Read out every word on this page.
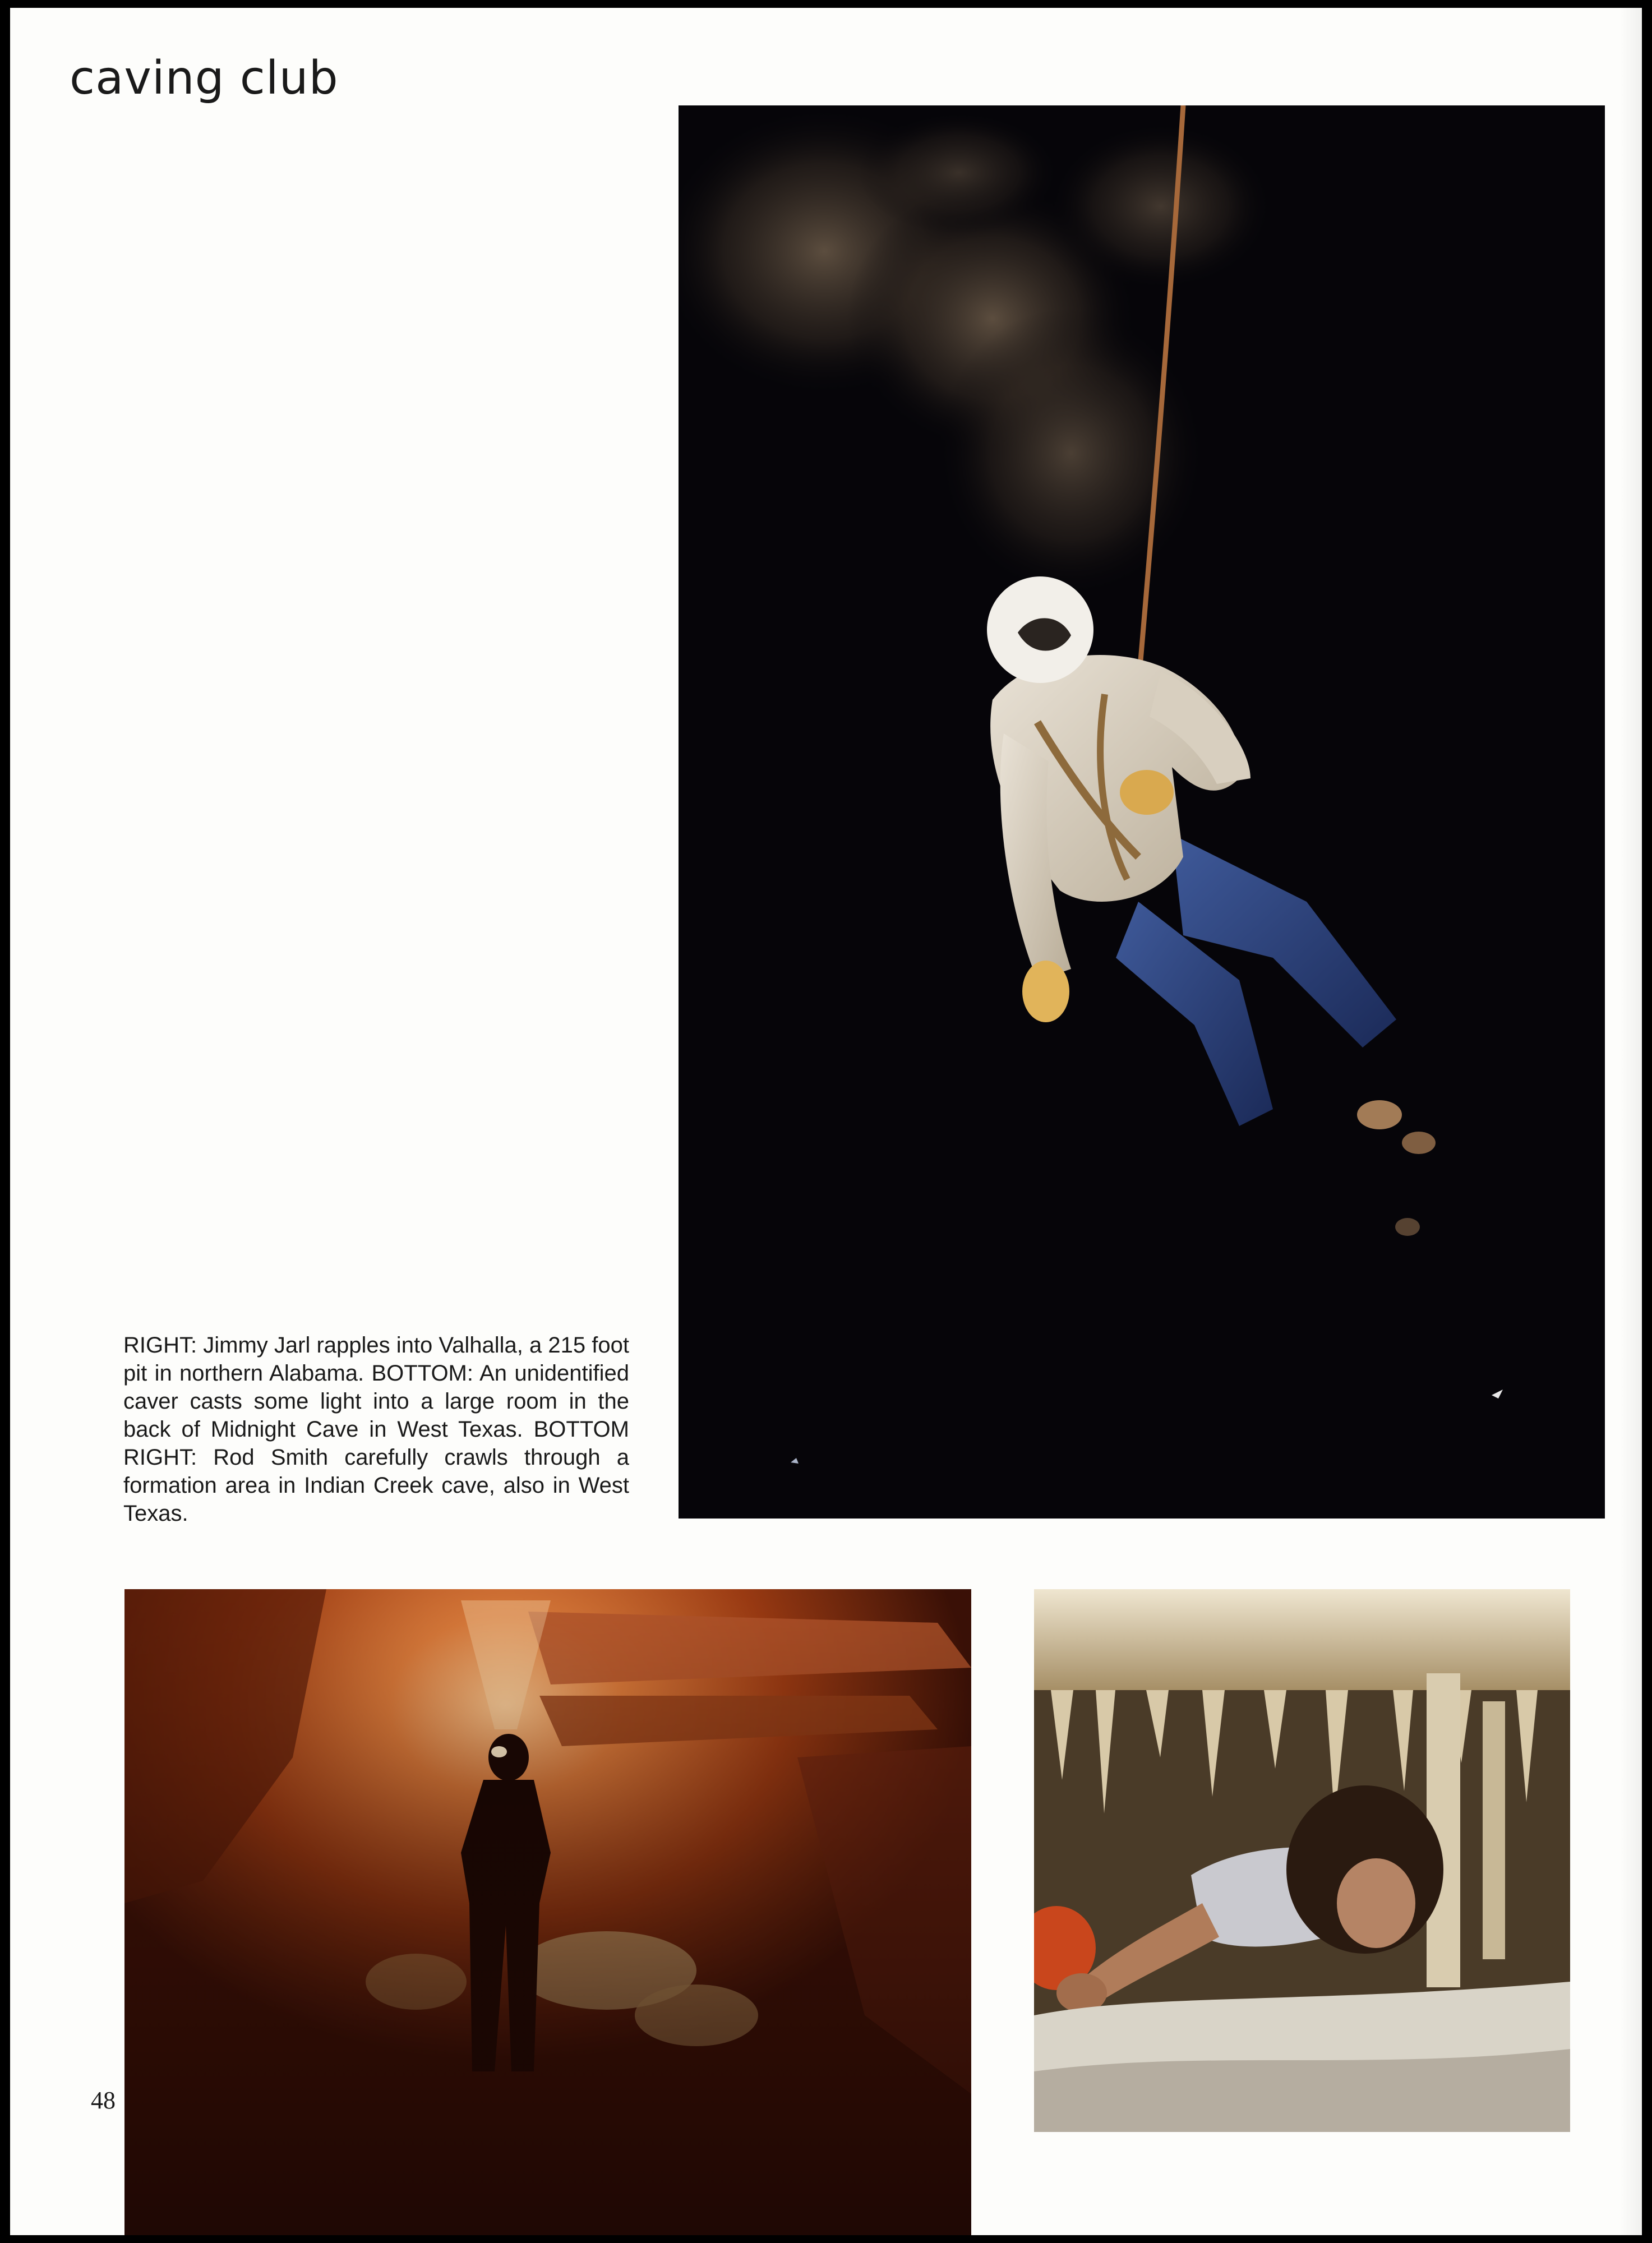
caving club
RIGHT: Jimmy Jarl rapples into Valhalla, a 215 foot pit in northern Alabama. BOTTOM: An unidentified caver casts some light into a large room in the back of Midnight Cave in West Texas. BOTTOM RIGHT: Rod Smith carefully crawls through a formation area in Indian Creek cave, also in West Texas.
48
